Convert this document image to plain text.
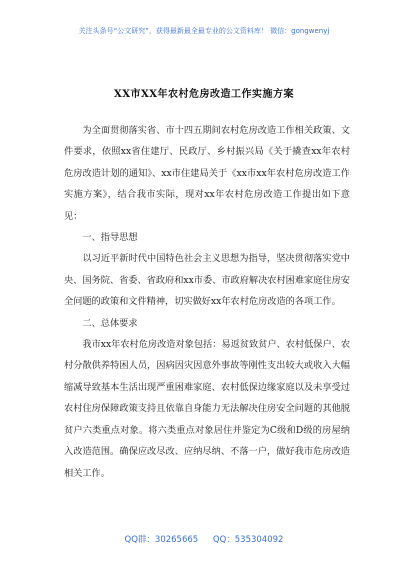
关注头条号“公文研究”，获得最新最全最专业的公文资料库！ 微信：gongwenyj
XX市XX年农村危房改造工作实施方案

为全面贯彻落实省、市十四五期间农村危房改造工作相关政策、文件要求，依照xx省住建厅、民政厅、乡村振兴局《关于撬查xx年农村危房改造计划的通知》、xx市住建局关于《xx市xx年农村危房改造工作实施方案》，结合我市实际，现对xx年农村危房改造工作提出如下意见：

一、指导思想

以习近平新时代中国特色社会主义思想为指导，坚决贯彻落实党中央、国务院、省委、省政府和xx市委、市政府解决农村困难家庭住房安全问题的政策和文件精神，切实做好xx年农村危房改造的各项工作。

二、总体要求

我市xx年农村危房改造对象包括：易返贫致贫户、农村低保户、农村分散供养特困人员，因病因灾因意外事故等刚性支出较大或收入大幅缩减导致基本生活出现严重困难家庭、农村低保边缘家庭以及未享受过农村住房保障政策支持且依靠自身能力无法解决住房安全问题的其他脱贫户六类重点对象。将六类重点对象居住并鉴定为C级和D级的房屋纳入改造范围。确保应改尽改、应纳尽纳、不落一户，做好我市危房改造相关工作。

QQ群：30265665 QQ：535304092
